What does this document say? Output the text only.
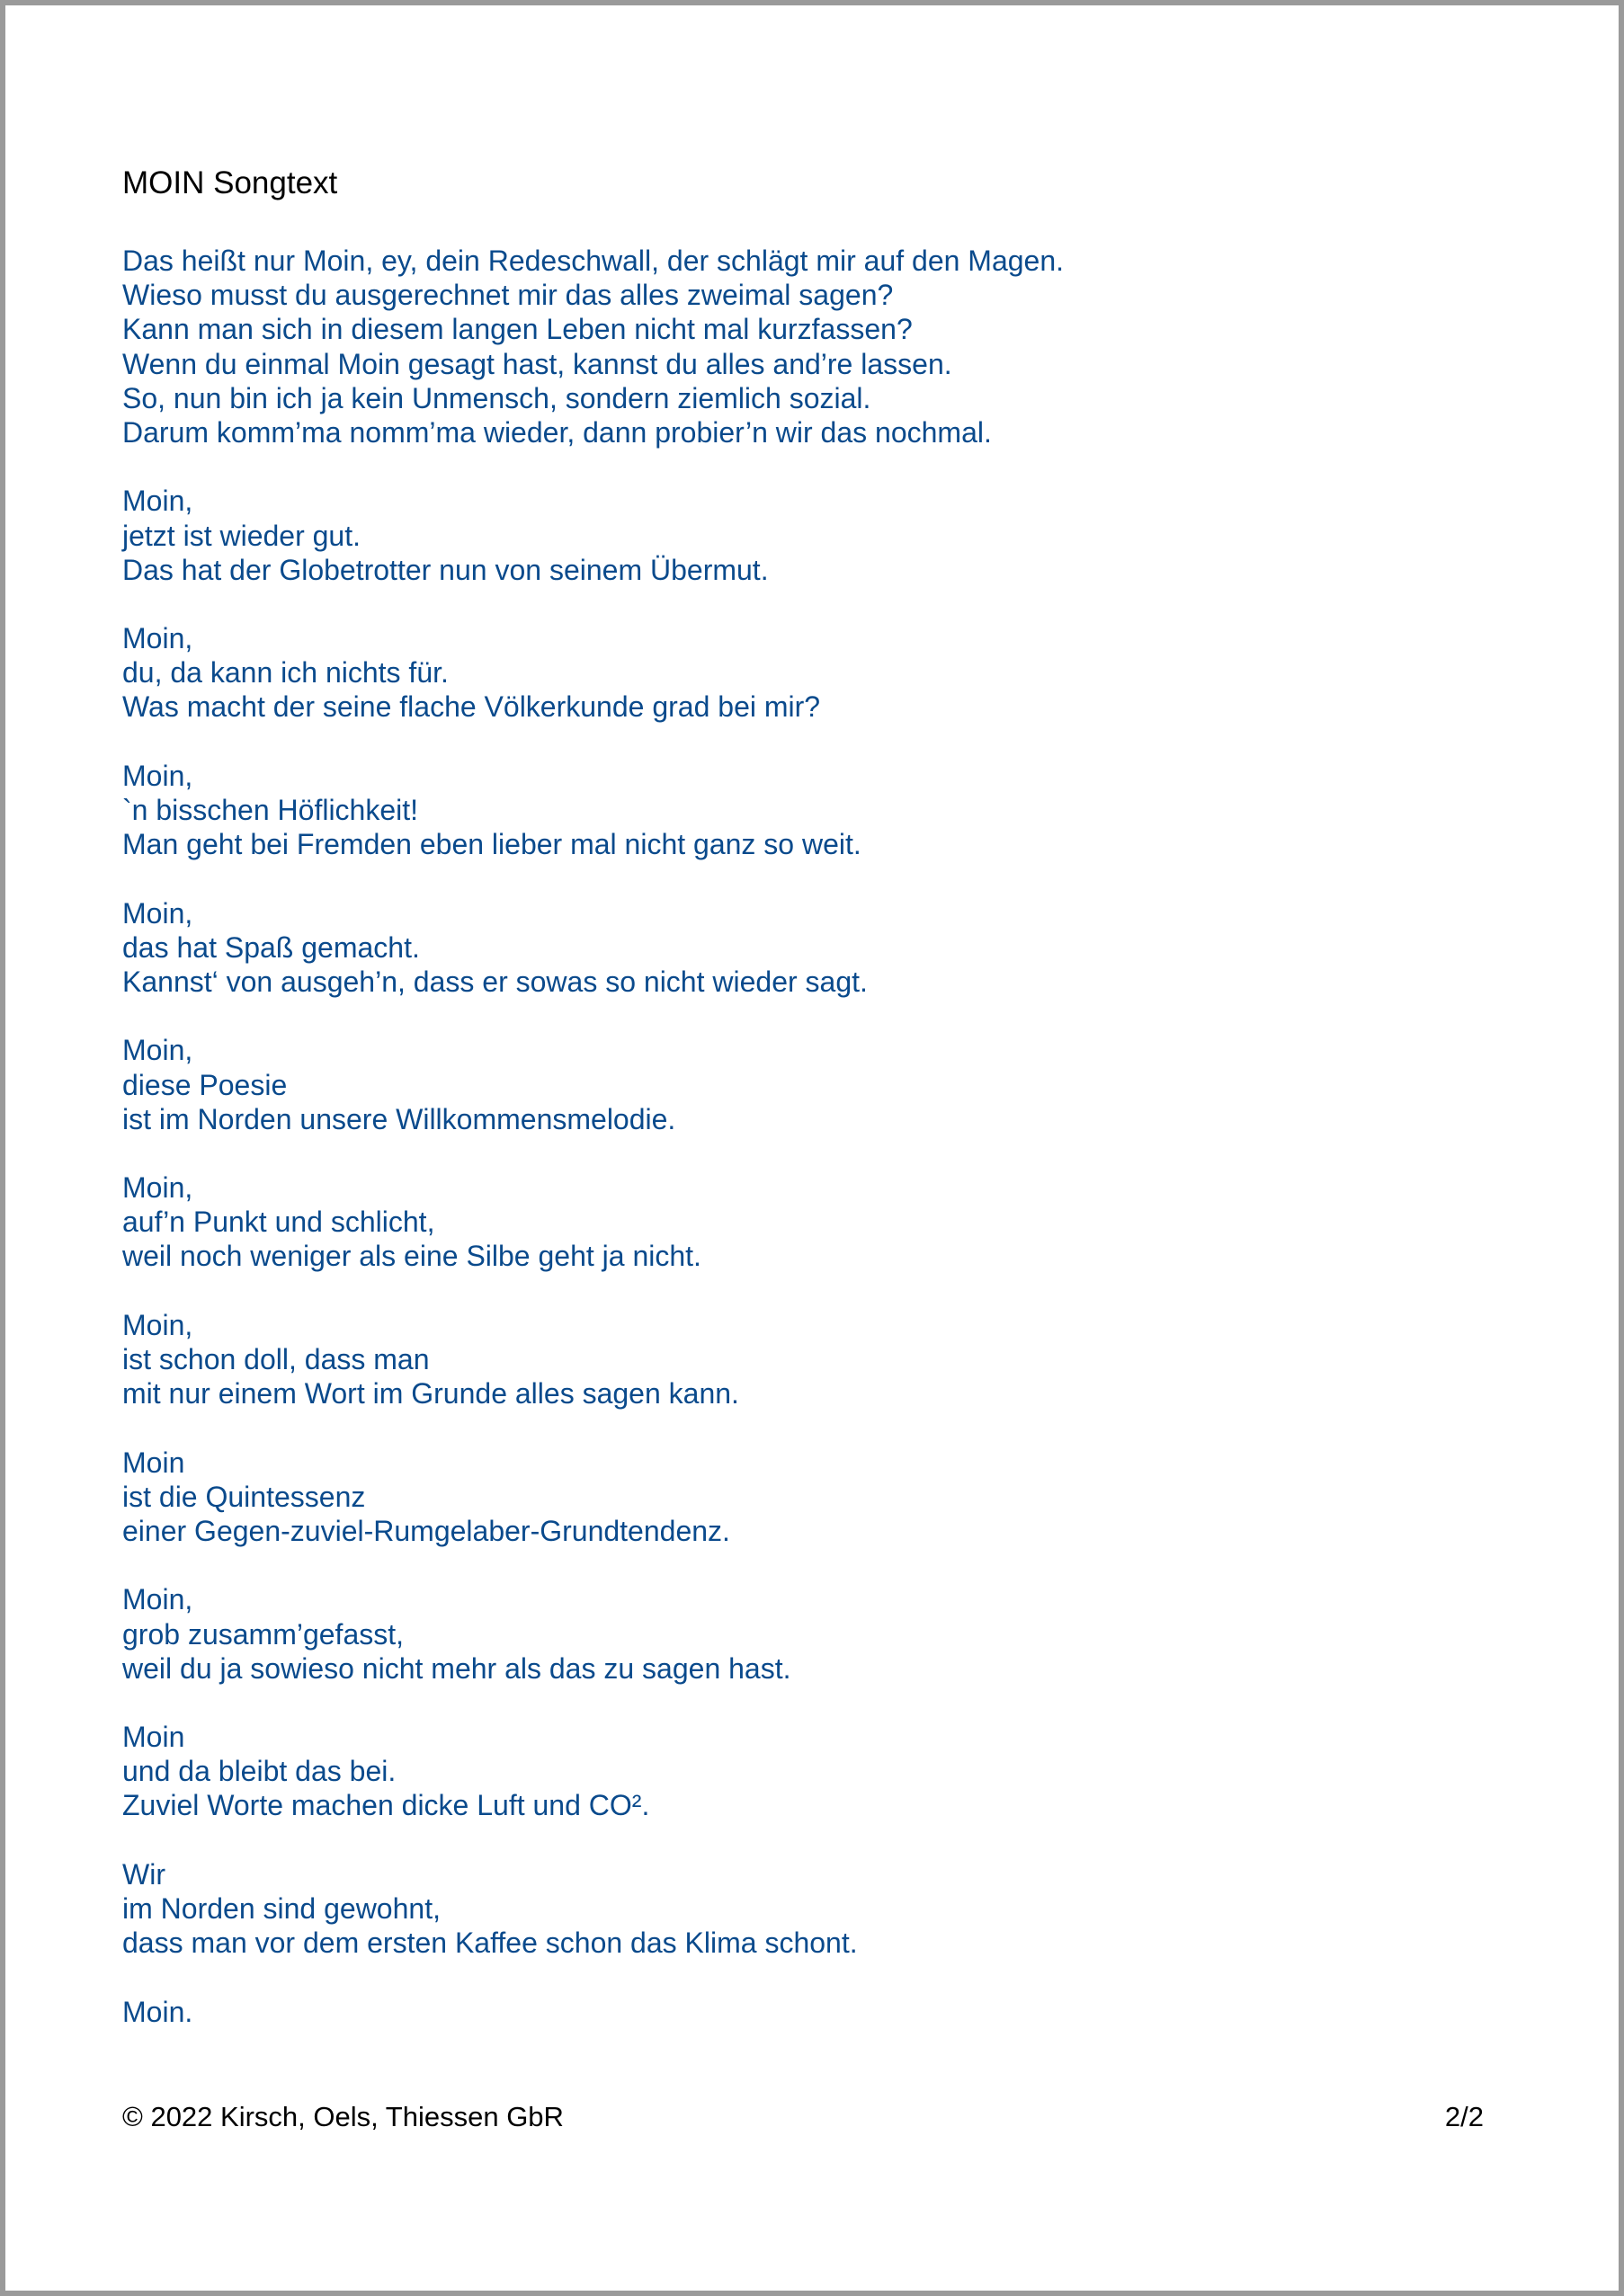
MOIN Songtext
Das heißt nur Moin, ey, dein Redeschwall, der schlägt mir auf den Magen.
Wieso musst du ausgerechnet mir das alles zweimal sagen?
Kann man sich in diesem langen Leben nicht mal kurzfassen?
Wenn du einmal Moin gesagt hast, kannst du alles and’re lassen.
So, nun bin ich ja kein Unmensch, sondern ziemlich sozial.
Darum komm’ma nomm’ma wieder, dann probier’n wir das nochmal.
Moin,
jetzt ist wieder gut.
Das hat der Globetrotter nun von seinem Übermut.
Moin,
du, da kann ich nichts für.
Was macht der seine flache Völkerkunde grad bei mir?
Moin,
`n bisschen Höflichkeit!
Man geht bei Fremden eben lieber mal nicht ganz so weit.
Moin,
das hat Spaß gemacht.
Kannst‘ von ausgeh’n, dass er sowas so nicht wieder sagt.
Moin,
diese Poesie
ist im Norden unsere Willkommensmelodie.
Moin,
auf’n Punkt und schlicht,
weil noch weniger als eine Silbe geht ja nicht.
Moin,
ist schon doll, dass man
mit nur einem Wort im Grunde alles sagen kann.
Moin
ist die Quintessenz
einer Gegen-zuviel-Rumgelaber-Grundtendenz.
Moin,
grob zusamm’gefasst,
weil du ja sowieso nicht mehr als das zu sagen hast.
Moin
und da bleibt das bei.
Zuviel Worte machen dicke Luft und CO².
Wir
im Norden sind gewohnt,
dass man vor dem ersten Kaffee schon das Klima schont.
Moin.
© 2022 Kirsch, Oels, Thiessen GbR	2/2
